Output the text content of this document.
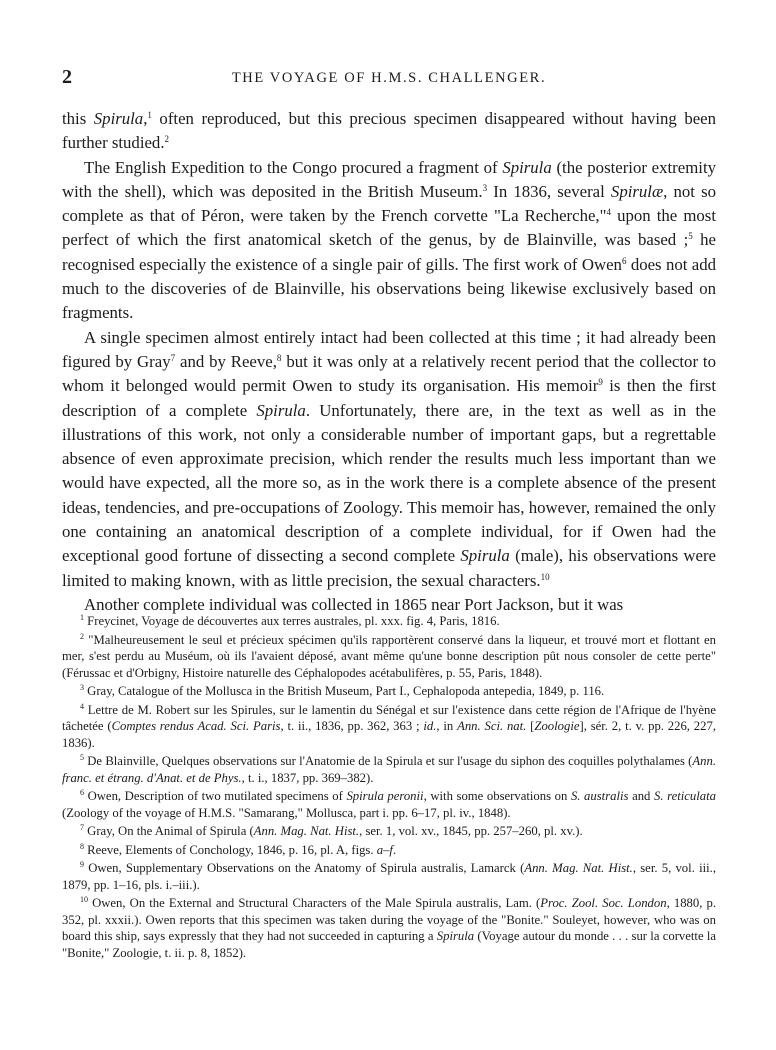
2	THE VOYAGE OF H.M.S. CHALLENGER.

this Spirula,$^1$ often reproduced, but this precious specimen disappeared without having been further studied.$^2$

The English Expedition to the Congo procured a fragment of Spirula (the posterior extremity with the shell), which was deposited in the British Museum.$^3$ In 1836, several Spirulæ, not so complete as that of Péron, were taken by the French corvette "La Recherche,"$^4$ upon the most perfect of which the first anatomical sketch of the genus, by de Blainville, was based ;$^5$ he recognised especially the existence of a single pair of gills. The first work of Owen$^6$ does not add much to the discoveries of de Blainville, his observations being likewise exclusively based on fragments.

A single specimen almost entirely intact had been collected at this time ; it had already been figured by Gray$^7$ and by Reeve,$^8$ but it was only at a relatively recent period that the collector to whom it belonged would permit Owen to study its organisation. His memoir$^9$ is then the first description of a complete Spirula. Unfortunately, there are, in the text as well as in the illustrations of this work, not only a considerable number of important gaps, but a regrettable absence of even approximate precision, which render the results much less important than we would have expected, all the more so, as in the work there is a complete absence of the present ideas, tendencies, and pre-occupations of Zoology. This memoir has, however, remained the only one containing an anatomical description of a complete individual, for if Owen had the exceptional good fortune of dissecting a second complete Spirula (male), his observations were limited to making known, with as little precision, the sexual characters.$^{10}$

Another complete individual was collected in 1865 near Port Jackson, but it was

$^1$ Freycinet, Voyage de découvertes aux terres australes, pl. xxx. fig. 4, Paris, 1816.

$^2$ "Malheureusement le seul et précieux spécimen qu'ils rapportèrent conservé dans la liqueur, et trouvé mort et flottant en mer, s'est perdu au Muséum, où ils l'avaient déposé, avant même qu'une bonne description pût nous consoler de cette perte" (Férussac et d'Orbigny, Histoire naturelle des Céphalopodes acétabulifères, p. 55, Paris, 1848).

$^3$ Gray, Catalogue of the Mollusca in the British Museum, Part I., Cephalopoda antepedia, 1849, p. 116.

$^4$ Lettre de M. Robert sur les Spirules, sur le lamentin du Sénégal et sur l'existence dans cette région de l'Afrique de l'hyène tâchetée (Comptes rendus Acad. Sci. Paris, t. ii., 1836, pp. 362, 363 ; id., in Ann. Sci. nat. [Zoologie], sér. 2, t. v. pp. 226, 227, 1836).

$^5$ De Blainville, Quelques observations sur l'Anatomie de la Spirula et sur l'usage du siphon des coquilles polythalames (Ann. franc. et étrang. d'Anat. et de Phys., t. i., 1837, pp. 369–382).

$^6$ Owen, Description of two mutilated specimens of Spirula peronii, with some observations on S. australis and S. reticulata (Zoology of the voyage of H.M.S. "Samarang," Mollusca, part i. pp. 6–17, pl. iv., 1848).

$^7$ Gray, On the Animal of Spirula (Ann. Mag. Nat. Hist., ser. 1, vol. xv., 1845, pp. 257–260, pl. xv.).

$^8$ Reeve, Elements of Conchology, 1846, p. 16, pl. A, figs. a–f.

$^9$ Owen, Supplementary Observations on the Anatomy of Spirula australis, Lamarck (Ann. Mag. Nat. Hist., ser. 5, vol. iii., 1879, pp. 1–16, pls. i.–iii.).

$^{10}$ Owen, On the External and Structural Characters of the Male Spirula australis, Lam. (Proc. Zool. Soc. London, 1880, p. 352, pl. xxxii.). Owen reports that this specimen was taken during the voyage of the "Bonite." Souleyet, however, who was on board this ship, says expressly that they had not succeeded in capturing a Spirula (Voyage autour du monde . . . sur la corvette la "Bonite," Zoologie, t. ii. p. 8, 1852).
